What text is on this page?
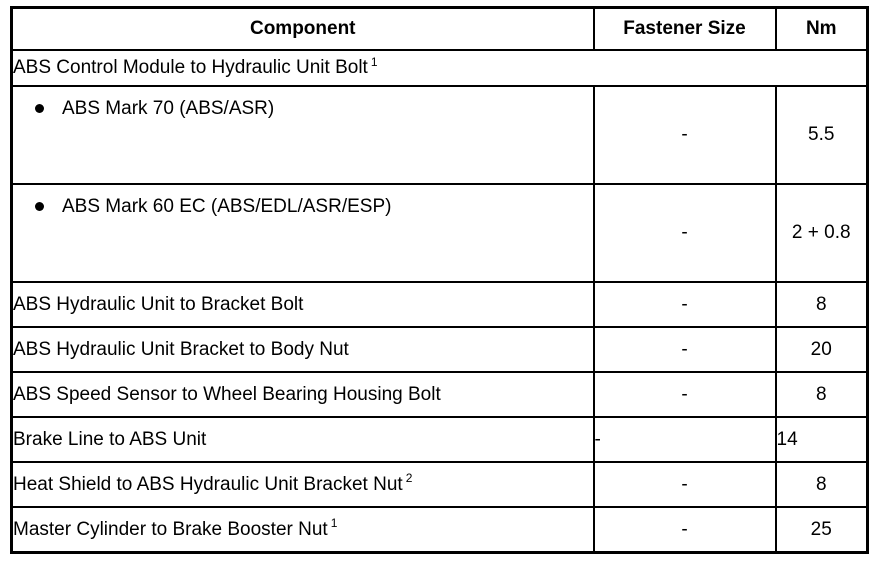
Component	Fastener Size	Nm
ABS Control Module to Hydraulic Unit Bolt $^1$

ABS Mark 70 (ABS/ASR)	-	5.5

ABS Mark 60 EC (ABS/EDL/ASR/ESP)	-	2 + 0.8
ABS Hydraulic Unit to Bracket Bolt	-	8
ABS Hydraulic Unit Bracket to Body Nut	-	20
ABS Speed Sensor to Wheel Bearing Housing Bolt	-	8
Brake Line to ABS Unit	-	14
Heat Shield to ABS Hydraulic Unit Bracket Nut $^2$	-	8
Master Cylinder to Brake Booster Nut $^1$	-	25
